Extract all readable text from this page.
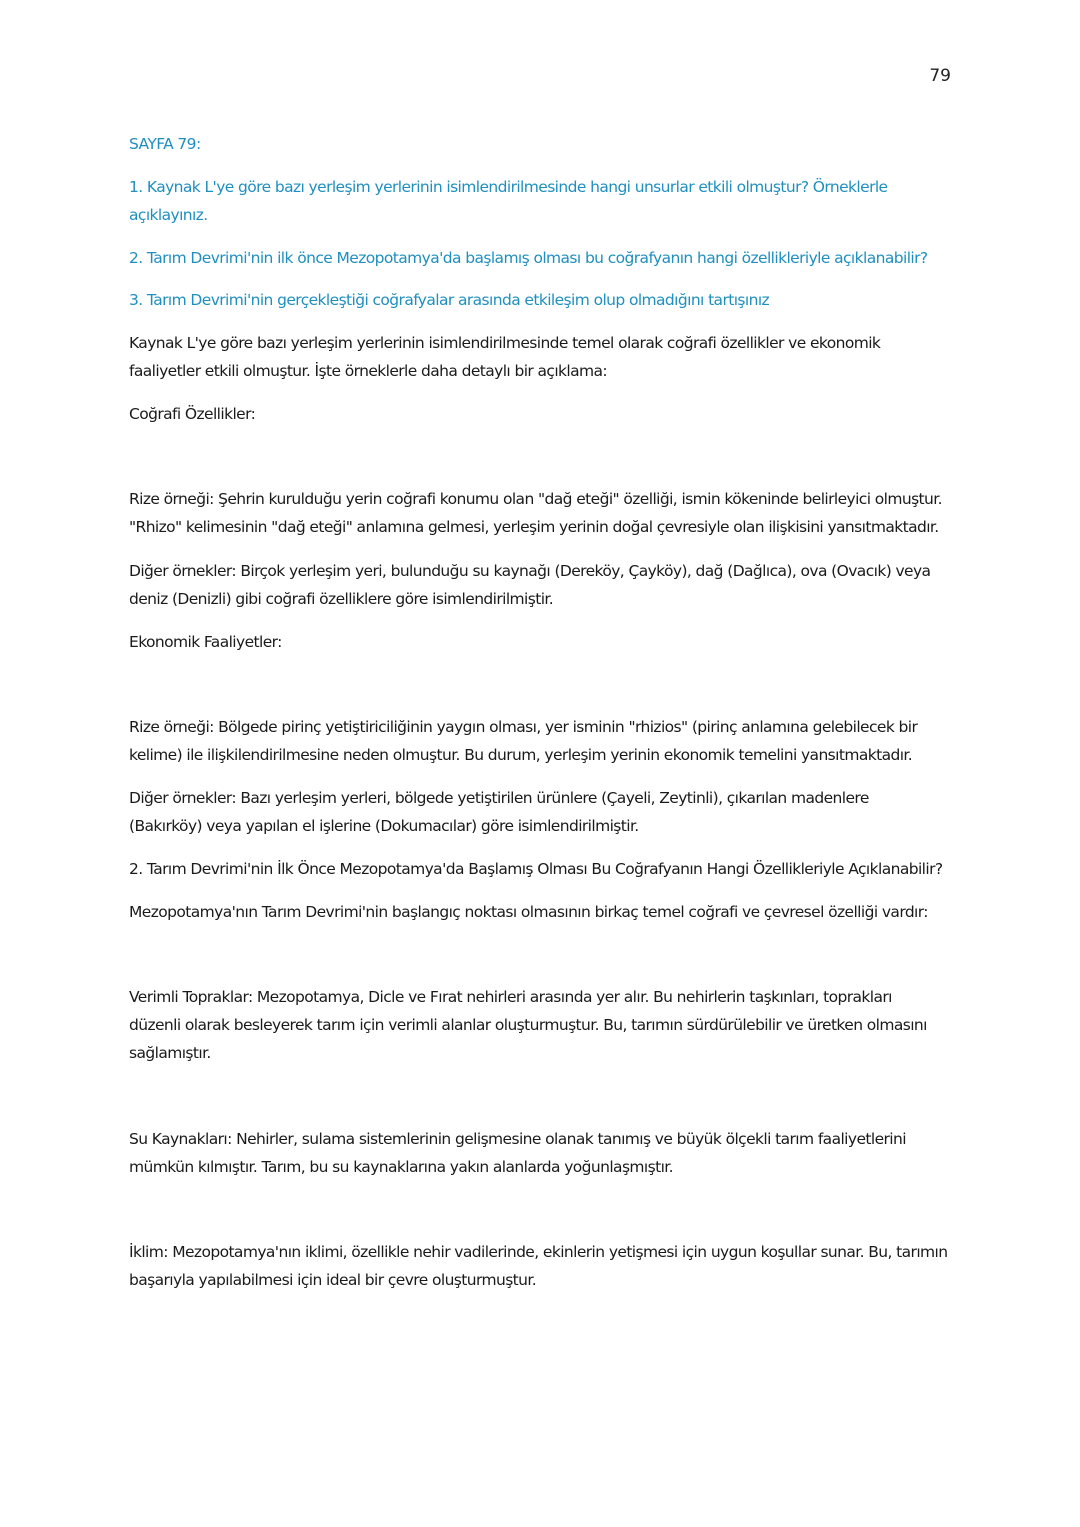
79

SAYFA 79:

1. Kaynak L'ye göre bazı yerleşim yerlerinin isimlendirilmesinde hangi unsurlar etkili olmuştur? Örneklerle açıklayınız.

2. Tarım Devrimi'nin ilk önce Mezopotamya'da başlamış olması bu coğrafyanın hangi özellikleriyle açıklanabilir?

3. Tarım Devrimi'nin gerçekleştiği coğrafyalar arasında etkileşim olup olmadığını tartışınız

Kaynak L'ye göre bazı yerleşim yerlerinin isimlendirilmesinde temel olarak coğrafi özellikler ve ekonomik faaliyetler etkili olmuştur. İşte örneklerle daha detaylı bir açıklama:

Coğrafi Özellikler:

Rize örneği: Şehrin kurulduğu yerin coğrafi konumu olan "dağ eteği" özelliği, ismin kökeninde belirleyici olmuştur. "Rhizo" kelimesinin "dağ eteği" anlamına gelmesi, yerleşim yerinin doğal çevresiyle olan ilişkisini yansıtmaktadır.

Diğer örnekler: Birçok yerleşim yeri, bulunduğu su kaynağı (Dereköy, Çayköy), dağ (Dağlıca), ova (Ovacık) veya deniz (Denizli) gibi coğrafi özelliklere göre isimlendirilmiştir.

Ekonomik Faaliyetler:

Rize örneği: Bölgede pirinç yetiştiriciliğinin yaygın olması, yer isminin "rhizios" (pirinç anlamına gelebilecek bir kelime) ile ilişkilendirilmesine neden olmuştur. Bu durum, yerleşim yerinin ekonomik temelini yansıtmaktadır.

Diğer örnekler: Bazı yerleşim yerleri, bölgede yetiştirilen ürünlere (Çayeli, Zeytinli), çıkarılan madenlere (Bakırköy) veya yapılan el işlerine (Dokumacılar) göre isimlendirilmiştir.

2. Tarım Devrimi'nin İlk Önce Mezopotamya'da Başlamış Olması Bu Coğrafyanın Hangi Özellikleriyle Açıklanabilir?

Mezopotamya'nın Tarım Devrimi'nin başlangıç noktası olmasının birkaç temel coğrafi ve çevresel özelliği vardır:

Verimli Topraklar: Mezopotamya, Dicle ve Fırat nehirleri arasında yer alır. Bu nehirlerin taşkınları, toprakları düzenli olarak besleyerek tarım için verimli alanlar oluşturmuştur. Bu, tarımın sürdürülebilir ve üretken olmasını sağlamıştır.

Su Kaynakları: Nehirler, sulama sistemlerinin gelişmesine olanak tanımış ve büyük ölçekli tarım faaliyetlerini mümkün kılmıştır. Tarım, bu su kaynaklarına yakın alanlarda yoğunlaşmıştır.

İklim: Mezopotamya'nın iklimi, özellikle nehir vadilerinde, ekinlerin yetişmesi için uygun koşullar sunar. Bu, tarımın başarıyla yapılabilmesi için ideal bir çevre oluşturmuştur.
